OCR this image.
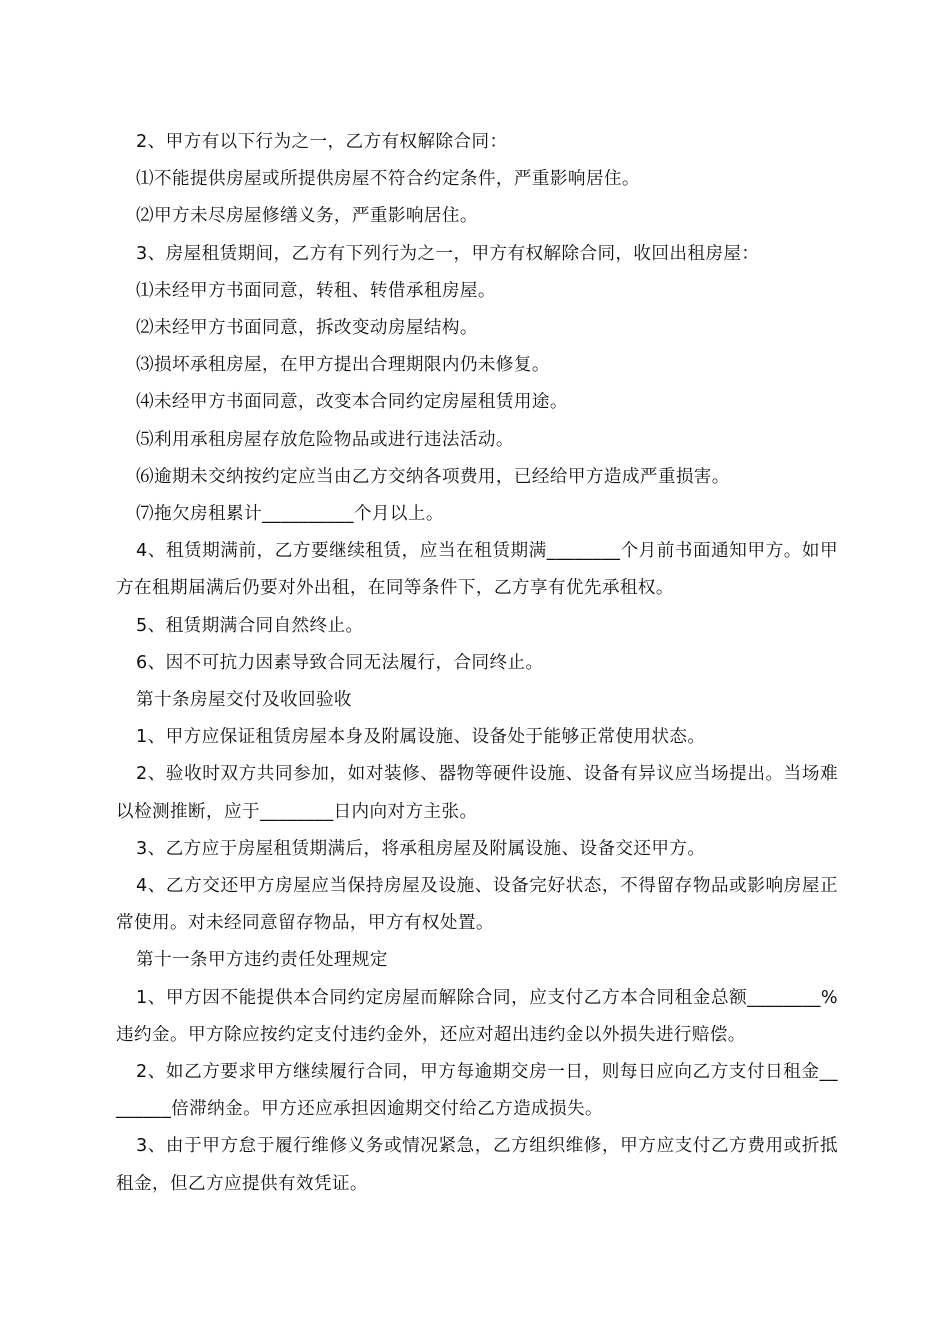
2、甲方有以下行为之一，乙方有权解除合同：

⑴不能提供房屋或所提供房屋不符合约定条件，严重影响居住。

⑵甲方未尽房屋修缮义务，严重影响居住。

3、房屋租赁期间，乙方有下列行为之一，甲方有权解除合同，收回出租房屋：

⑴未经甲方书面同意，转租、转借承租房屋。

⑵未经甲方书面同意，拆改变动房屋结构。

⑶损坏承租房屋，在甲方提出合理期限内仍未修复。

⑷未经甲方书面同意，改变本合同约定房屋租赁用途。

⑸利用承租房屋存放危险物品或进行违法活动。

⑹逾期未交纳按约定应当由乙方交纳各项费用，已经给甲方造成严重损害。

⑺拖欠房租累计__________个月以上。

4、租赁期满前，乙方要继续租赁，应当在租赁期满________个月前书面通知甲方。如甲方在租期届满后仍要对外出租，在同等条件下，乙方享有优先承租权。

5、租赁期满合同自然终止。

6、因不可抗力因素导致合同无法履行，合同终止。

第十条房屋交付及收回验收

1、甲方应保证租赁房屋本身及附属设施、设备处于能够正常使用状态。

2、验收时双方共同参加，如对装修、器物等硬件设施、设备有异议应当场提出。当场难以检测推断，应于________日内向对方主张。

3、乙方应于房屋租赁期满后，将承租房屋及附属设施、设备交还甲方。

4、乙方交还甲方房屋应当保持房屋及设施、设备完好状态，不得留存物品或影响房屋正常使用。对未经同意留存物品，甲方有权处置。

第十一条甲方违约责任处理规定

1、甲方因不能提供本合同约定房屋而解除合同，应支付乙方本合同租金总额________%违约金。甲方除应按约定支付违约金外，还应对超出违约金以外损失进行赔偿。

2、如乙方要求甲方继续履行合同，甲方每逾期交房一日，则每日应向乙方支付日租金________倍滞纳金。甲方还应承担因逾期交付给乙方造成损失。

3、由于甲方怠于履行维修义务或情况紧急，乙方组织维修，甲方应支付乙方费用或折抵租金，但乙方应提供有效凭证。
